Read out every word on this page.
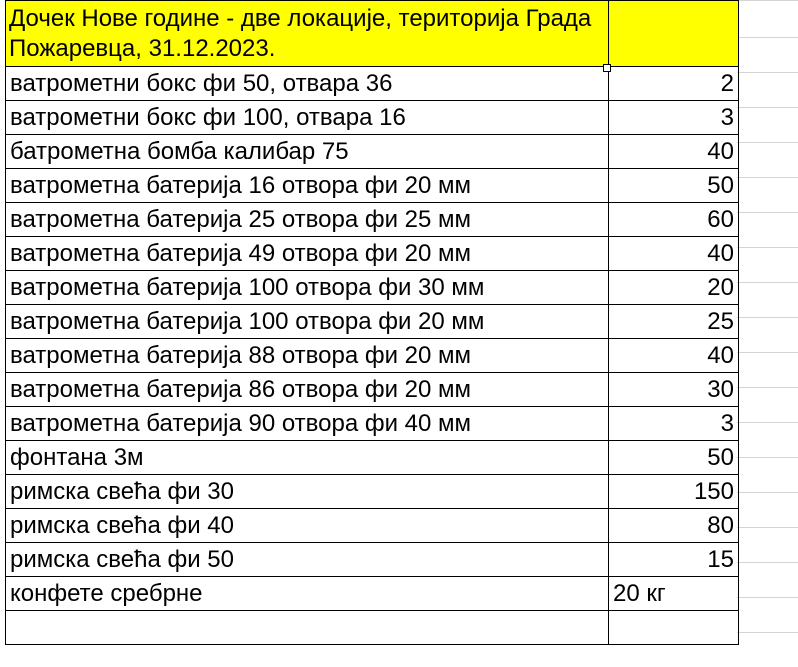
Дочек Нове године - две локације, територија Града Пожаревца, 31.12.2023.	
ватрометни бокс фи 50, отвара 36	2
ватрометни бокс фи 100, отвара 16	3
батрометна бомба калибар 75	40
ватрометна батерија 16 отвора фи 20 мм	50
ватрометна батерија 25 отвора фи 25 мм	60
ватрометна батерија 49 отвора фи 20 мм	40
ватрометна батерија 100 отвора фи 30 мм	20
ватрометна батерија 100 отвора фи 20 мм	25
ватрометна батерија 88 отвора фи 20 мм	40
ватрометна батерија 86 отвора фи 20 мм	30
ватрометна батерија 90 отвора фи 40 мм	3
фонтана 3м	50
римска свећа фи 30	150
римска свећа фи 40	80
римска свећа фи 50	15
конфете сребрне	20 кг
